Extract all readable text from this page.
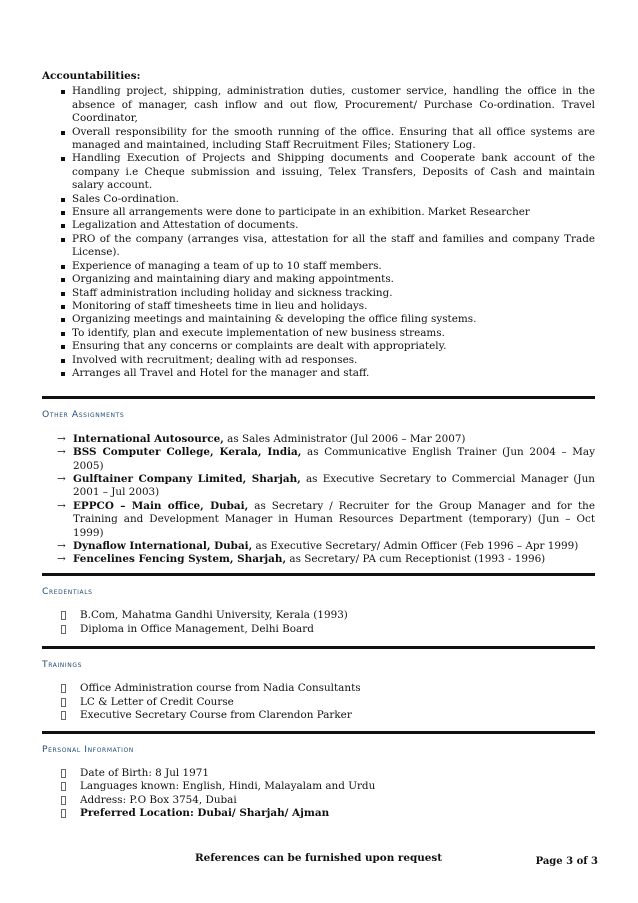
Accountabilities:
Handling project, shipping, administration duties, customer service, handling the office in the absence of manager, cash inflow and out flow, Procurement/ Purchase Co-ordination. Travel Coordinator,
Overall responsibility for the smooth running of the office. Ensuring that all office systems are managed and maintained, including Staff Recruitment Files; Stationery Log.
Handling Execution of Projects and Shipping documents and Cooperate bank account of the company i.e Cheque submission and issuing, Telex Transfers, Deposits of Cash and maintain salary account.
Sales Co-ordination.
Ensure all arrangements were done to participate in an exhibition. Market Researcher
Legalization and Attestation of documents.
PRO of the company (arranges visa, attestation for all the staff and families and company Trade License).
Experience of managing a team of up to 10 staff members.
Organizing and maintaining diary and making appointments.
Staff administration including holiday and sickness tracking.
Monitoring of staff timesheets time in lieu and holidays.
Organizing meetings and maintaining & developing the office filing systems.
To identify, plan and execute implementation of new business streams.
Ensuring that any concerns or complaints are dealt with appropriately.
Involved with recruitment; dealing with ad responses.
Arranges all Travel and Hotel for the manager and staff.
Other Assignments
→ International Autosource, as Sales Administrator (Jul 2006 – Mar 2007)
→ BSS Computer College, Kerala, India, as Communicative English Trainer (Jun 2004 – May 2005)
→ Gulftainer Company Limited, Sharjah, as Executive Secretary to Commercial Manager (Jun 2001 – Jul 2003)
→ EPPCO – Main office, Dubai, as Secretary / Recruiter for the Group Manager and for the Training and Development Manager in Human Resources Department (temporary) (Jun – Oct 1999)
→ Dynaflow International, Dubai, as Executive Secretary/ Admin Officer (Feb 1996 – Apr 1999)
→ Fencelines Fencing System, Sharjah, as Secretary/ PA cum Receptionist (1993 - 1996)
Credentials
B.Com, Mahatma Gandhi University, Kerala (1993)
Diploma in Office Management, Delhi Board
Trainings
Office Administration course from Nadia Consultants
LC & Letter of Credit Course
Executive Secretary Course from Clarendon Parker
Personal Information
Date of Birth: 8 Jul 1971
Languages known: English, Hindi, Malayalam and Urdu
Address: P.O Box 3754, Dubai
Preferred Location: Dubai/ Sharjah/ Ajman
References can be furnished upon request	Page 3 of 3
